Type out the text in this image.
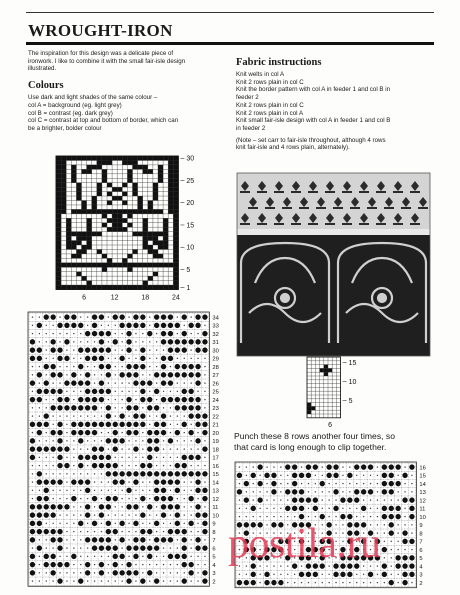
WROUGHT-IRON
The inspiration for this design was a delicate piece of
ironwork. I like to combine it with the small fair-isle design
illustrated.
Colours
Use dark and light shades of the same colour –
col A = background (eg. light grey)
col B = contrast (eg. dark grey)
col C = contrast at top and bottom of border, which can
be a brighter, bolder colour
Fabric instructions
Knit welts in col A
Knit 2 rows plain in col C
Knit the border pattern with col A in feeder 1 and col B in
feeder 2
Knit 2 rows plain in col C
Knit 2 rows plain in col A
Knit small fair-isle design with col A in feeder 1 and col B
in feeder 2
(Note – set carr to fair-isle throughout, although 4 rows
knit fair-isle and 4 rows plain, alternately).
30
25
20
15
10
5
1
6	12	18	24
15
10
5
6
Punch these 8 rows another four times, so
that card is long enough to clip together.
34
33
32
31
30
29
28
27
26
25
24
23
22
21
20
19
18
17
16
15
14
13
12
11
10
9
8
7
6
5
4
3
2
16
15
14
13
12
11
10
9
8
7
6
5
4
3
2
postila.ru
